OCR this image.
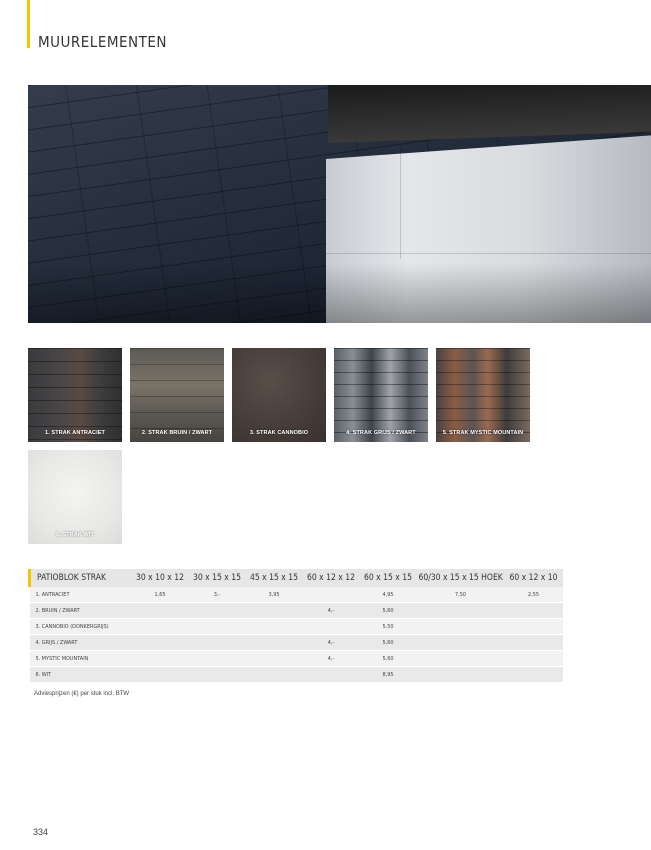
MUURELEMENTEN
1. STRAK ANTRACIET	2. STRAK BRUIN / ZWART	3. STRAK CANNOBIO	4. STRAK GRIJS / ZWART	5. STRAK MYSTIC MOUNTAIN
6. STRAK WIT
PATIOBLOK STRAK	30 x 10 x 12	30 x 15 x 15	45 x 15 x 15	60 x 12 x 12	60 x 15 x 15	60/30 x 15 x 15 HOEK	60 x 12 x 10
1. ANTRACIET	1,65	3,-	3,95		4,95	7,50	2,55
2. BRUIN / ZWART				4,-	5,60		
3. CANNOBIO (DONKERGRIJS)					5,50		
4. GRIJS / ZWART				4,-	5,60		
5. MYSTIC MOUNTAIN				4,-	5,60		
6. WIT					8,95		
Adviesprijzen (€) per stuk incl. BTW
334
